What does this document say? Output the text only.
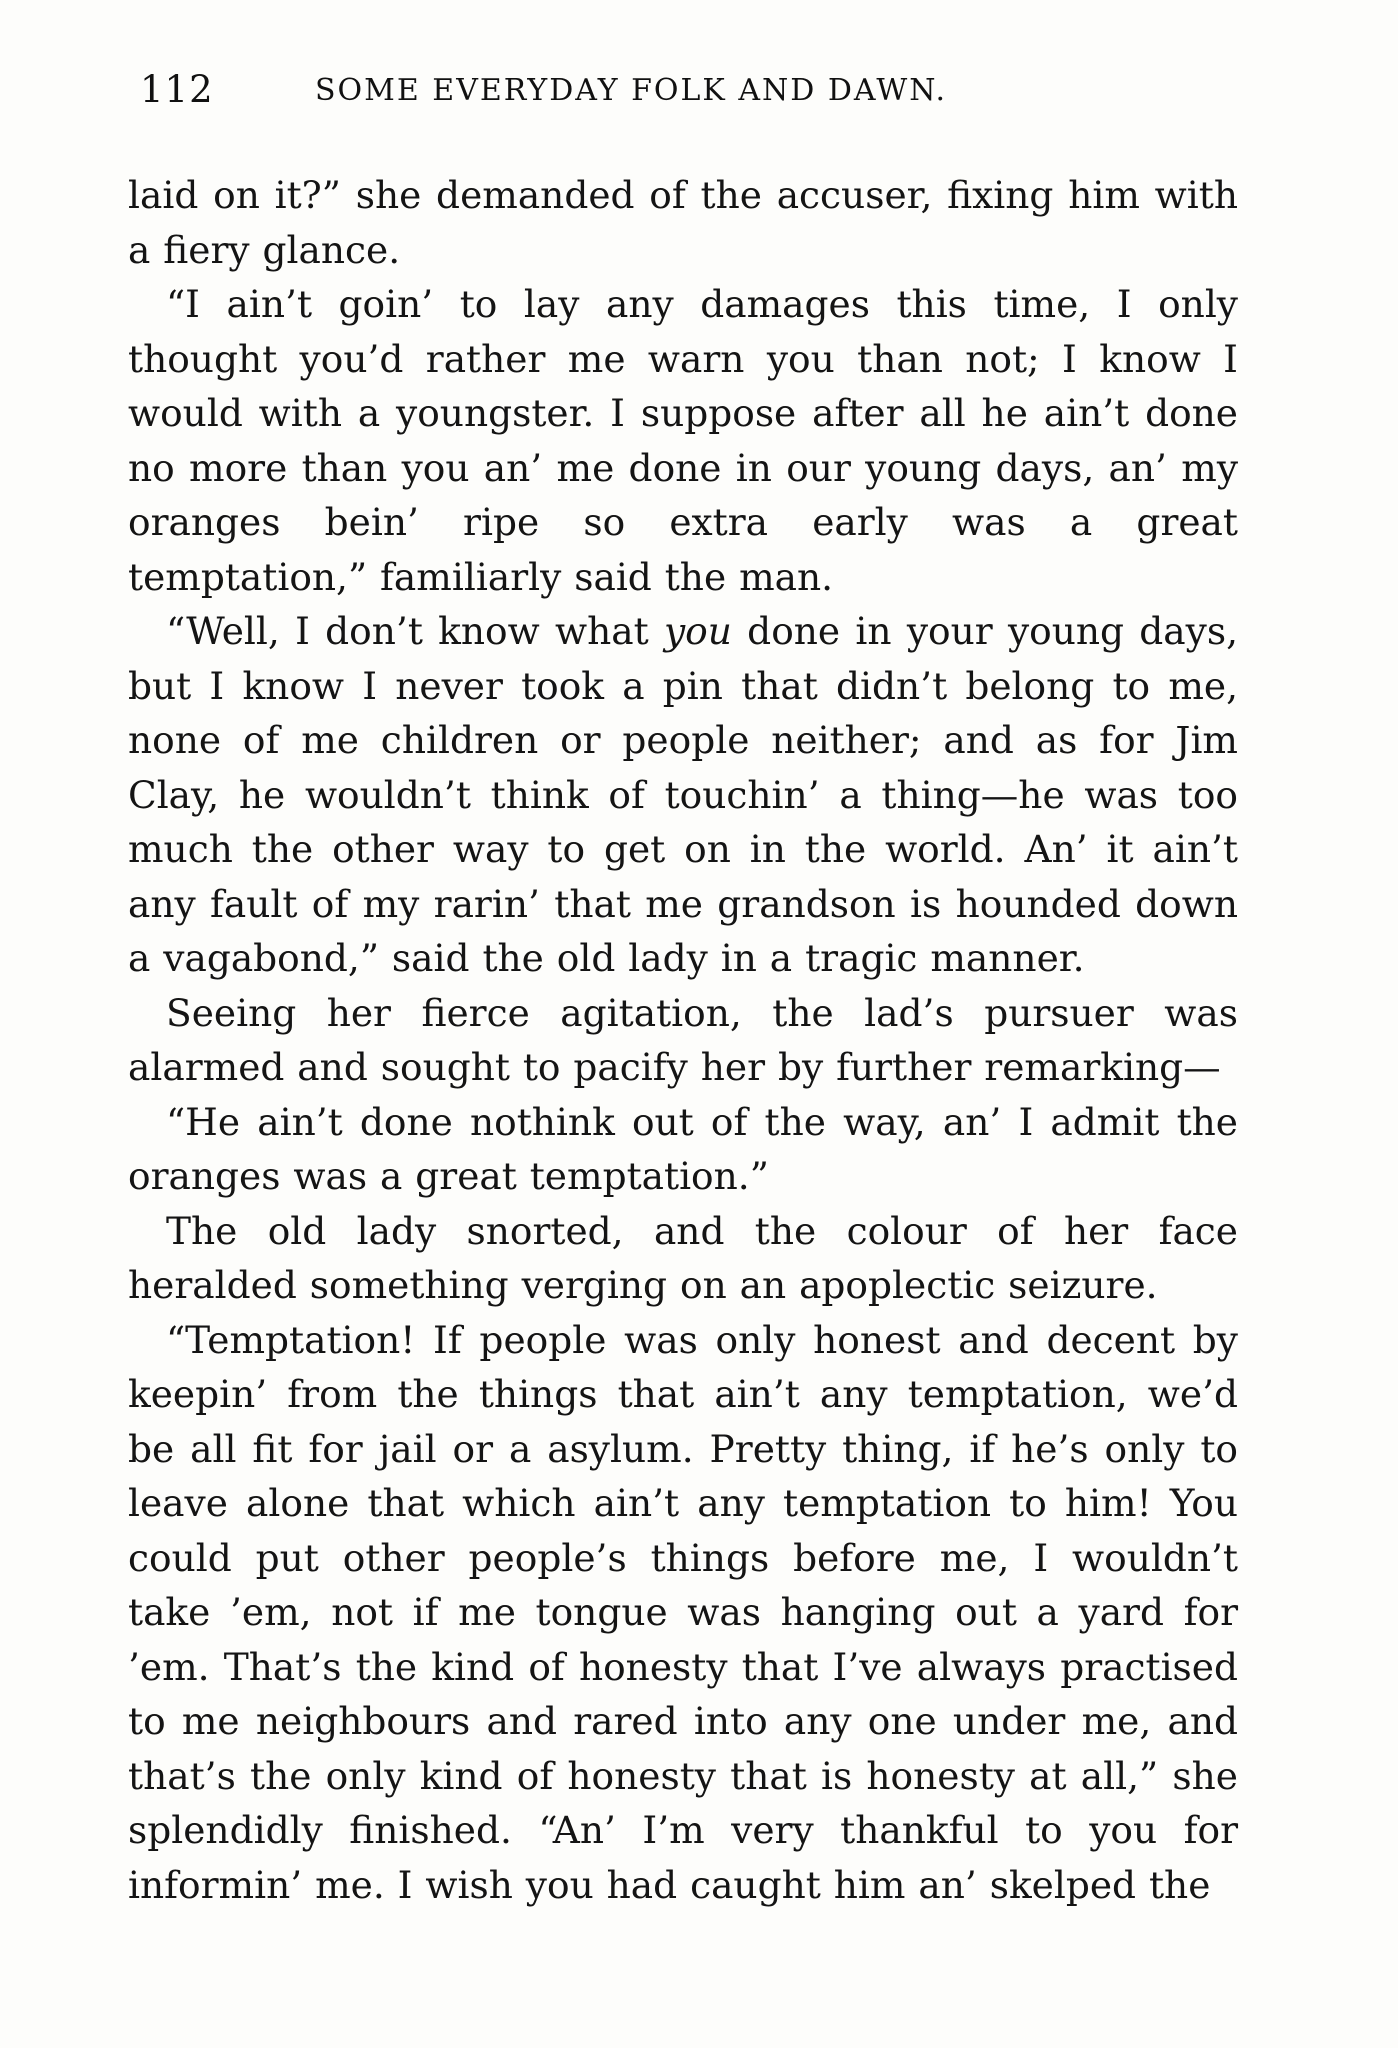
112	SOME EVERYDAY FOLK AND DAWN.

laid on it?” she demanded of the accuser, fixing him with a fiery glance.

“I ain’t goin’ to lay any damages this time, I only thought you’d rather me warn you than not; I know I would with a youngster. I suppose after all he ain’t done no more than you an’ me done in our young days, an’ my oranges bein’ ripe so extra early was a great temptation,” familiarly said the man.

“Well, I don’t know what you done in your young days, but I know I never took a pin that didn’t belong to me, none of me children or people neither; and as for Jim Clay, he wouldn’t think of touchin’ a thing—he was too much the other way to get on in the world. An’ it ain’t any fault of my rarin’ that me grandson is hounded down a vagabond,” said the old lady in a tragic manner.

Seeing her fierce agitation, the lad’s pursuer was alarmed and sought to pacify her by further remarking—

“He ain’t done nothink out of the way, an’ I admit the oranges was a great temptation.”

The old lady snorted, and the colour of her face heralded something verging on an apoplectic seizure.

“Temptation! If people was only honest and decent by keepin’ from the things that ain’t any temptation, we’d be all fit for jail or a asylum. Pretty thing, if he’s only to leave alone that which ain’t any temptation to him! You could put other people’s things before me, I wouldn’t take ’em, not if me tongue was hanging out a yard for ’em. That’s the kind of honesty that I’ve always practised to me neighbours and rared into any one under me, and that’s the only kind of honesty that is honesty at all,” she splendidly finished. “An’ I’m very thankful to you for informin’ me. I wish you had caught him an’ skelped the
